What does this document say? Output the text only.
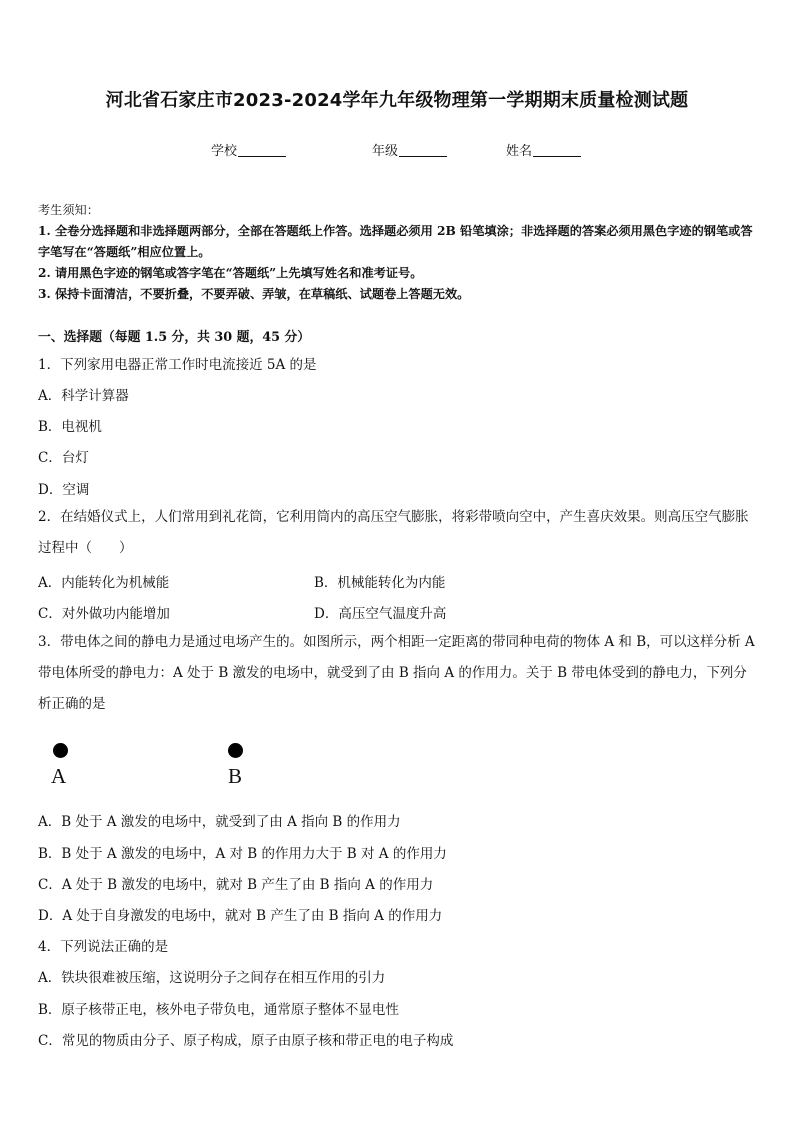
河北省石家庄市2023-2024学年九年级物理第一学期期末质量检测试题
学校	年级	姓名
考生须知：
1. 全卷分选择题和非选择题两部分，全部在答题纸上作答。选择题必须用 2B 铅笔填涂；非选择题的答案必须用黑色字迹的钢笔或答字笔写在“答题纸”相应位置上。
2. 请用黑色字迹的钢笔或答字笔在“答题纸”上先填写姓名和准考证号。
3. 保持卡面清洁，不要折叠，不要弄破、弄皱，在草稿纸、试题卷上答题无效。
一、选择题（每题 1.5 分，共 30 题，45 分）
1．下列家用电器正常工作时电流接近 5A 的是
A．科学计算器
B．电视机
C．台灯
D．空调
2．在结婚仪式上，人们常用到礼花筒，它利用筒内的高压空气膨胀，将彩带喷向空中，产生喜庆效果。则高压空气膨胀过程中（　　）
A．内能转化为机械能	B．机械能转化为内能
C．对外做功内能增加	D．高压空气温度升高
3．带电体之间的静电力是通过电场产生的。如图所示，两个相距一定距离的带同种电荷的物体 A 和 B，可以这样分析 A 带电体所受的静电力：A 处于 B 激发的电场中，就受到了由 B 指向 A 的作用力。关于 B 带电体受到的静电力，下列分析正确的是
A	B
A．B 处于 A 激发的电场中，就受到了由 A 指向 B 的作用力
B．B 处于 A 激发的电场中，A 对 B 的作用力大于 B 对 A 的作用力
C．A 处于 B 激发的电场中，就对 B 产生了由 B 指向 A 的作用力
D．A 处于自身激发的电场中，就对 B 产生了由 B 指向 A 的作用力
4．下列说法正确的是
A．铁块很难被压缩，这说明分子之间存在相互作用的引力
B．原子核带正电，核外电子带负电，通常原子整体不显电性
C．常见的物质由分子、原子构成，原子由原子核和带正电的电子构成
